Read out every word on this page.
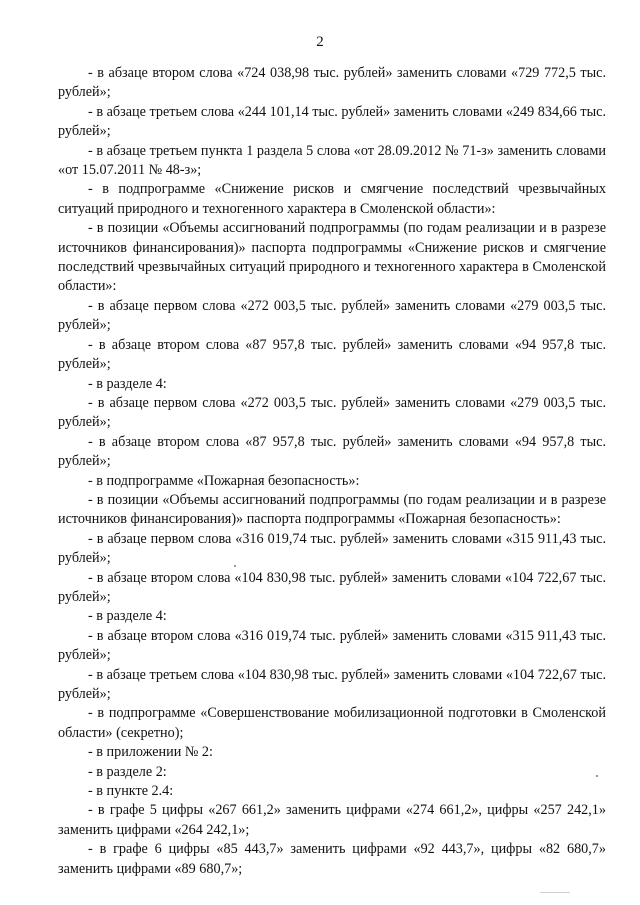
2

- в абзаце втором слова «724 038,98 тыс. рублей» заменить словами «729 772,5 тыс. рублей»;

- в абзаце третьем слова «244 101,14 тыс. рублей» заменить словами «249 834,66 тыс. рублей»;

- в абзаце третьем пункта 1 раздела 5 слова «от 28.09.2012 № 71-з» заменить словами «от 15.07.2011 № 48-з»;

- в подпрограмме «Снижение рисков и смягчение последствий чрезвычайных ситуаций природного и техногенного характера в Смоленской области»:

- в позиции «Объемы ассигнований подпрограммы (по годам реализации и в разрезе источников финансирования)» паспорта подпрограммы «Снижение рисков и смягчение последствий чрезвычайных ситуаций природного и техногенного характера в Смоленской области»:

- в абзаце первом слова «272 003,5 тыс. рублей» заменить словами «279 003,5 тыс. рублей»;

- в абзаце втором слова «87 957,8 тыс. рублей» заменить словами «94 957,8 тыс. рублей»;

- в разделе 4:

- в абзаце первом слова «272 003,5 тыс. рублей» заменить словами «279 003,5 тыс. рублей»;

- в абзаце втором слова «87 957,8 тыс. рублей» заменить словами «94 957,8 тыс. рублей»;

- в подпрограмме «Пожарная безопасность»:

- в позиции «Объемы ассигнований подпрограммы (по годам реализации и в разрезе источников финансирования)» паспорта подпрограммы «Пожарная безопасность»:

- в абзаце первом слова «316 019,74 тыс. рублей» заменить словами «315 911,43 тыс. рублей»;

- в абзаце втором слова «104 830,98 тыс. рублей» заменить словами «104 722,67 тыс. рублей»;

- в разделе 4:

- в абзаце втором слова «316 019,74 тыс. рублей» заменить словами «315 911,43 тыс. рублей»;

- в абзаце третьем слова «104 830,98 тыс. рублей» заменить словами «104 722,67 тыс. рублей»;

- в подпрограмме «Совершенствование мобилизационной подготовки в Смоленской области» (секретно);

- в приложении № 2:

- в разделе 2:

- в пункте 2.4:

- в графе 5 цифры «267 661,2» заменить цифрами «274 661,2», цифры «257 242,1» заменить цифрами «264 242,1»;

- в графе 6 цифры «85 443,7» заменить цифрами «92 443,7», цифры «82 680,7» заменить цифрами «89 680,7»;
